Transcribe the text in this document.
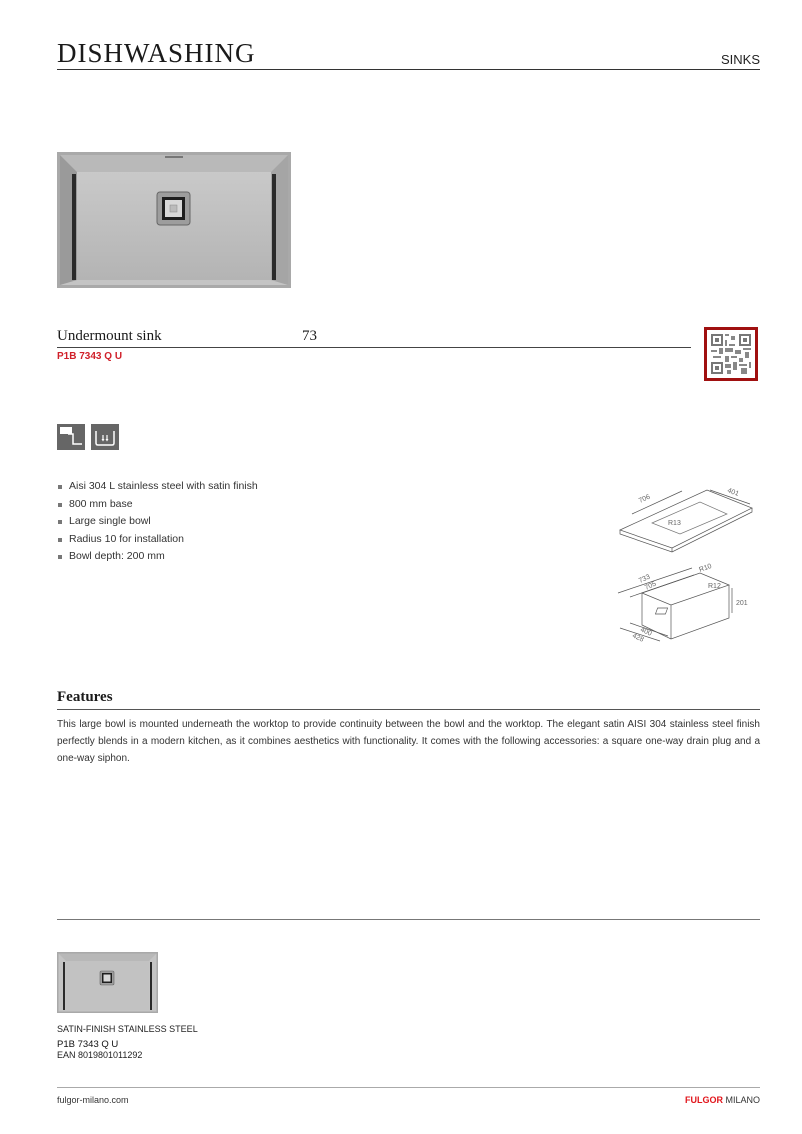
DISHWASHING	SINKS
Undermount sink	73
P1B 7343 Q U
Aisi 304 L stainless steel with satin finish
800 mm base
Large single bowl
Radius 10 for installation
Bowl depth: 200 mm
706
401
R13
733
705
R10
R12
201
400
428
Features
This large bowl is mounted underneath the worktop to provide continuity between the bowl and the worktop. The elegant satin AISI 304 stainless steel finish perfectly blends in a modern kitchen, as it combines aesthetics with functionality. It comes with the following accessories: a square one-way drain plug and a one-way siphon.
SATIN-FINISH STAINLESS STEEL
P1B 7343 Q U
EAN 8019801011292
fulgor-milano.com	FULGOR MILANO
